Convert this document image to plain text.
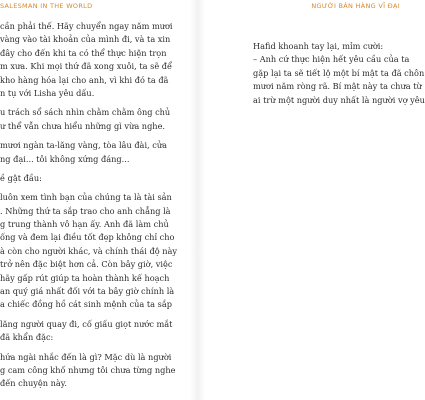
SALESMAN IN THE WORLD
cần phải thế. Hãy chuyển ngay năm mươi
vàng vào tài khoản của mình đi, và ta xin
đây cho đến khi ta có thể thực hiện trọn
m xưa. Khi mọi thứ đã xong xuôi, ta sẽ để
kho hàng hóa lại cho anh, vì khi đó ta đã
n tụ với Lisha yêu dấu.
u trách sổ sách nhìn chằm chằm ông chủ
ư thể vẫn chưa hiểu những gì vừa nghe.
mươi ngàn ta-lăng vàng, tòa lâu đài, cửa
ng đại... tôi không xứng đáng...
ề gật đầu:
luôn xem tình bạn của chúng ta là tài sản
. Những thứ ta sắp trao cho anh chẳng là
g trung thành vô hạn ấy. Anh đã làm chủ
ống và đem lại điều tốt đẹp không chỉ cho
à còn cho người khác, và chính thái độ này
trở nên đặc biệt hơn cả. Còn bây giờ, việc
hãy gấp rút giúp ta hoàn thành kế hoạch
an quý giá nhất đối với ta bây giờ chính là
a chiếc đồng hồ cát sinh mệnh của ta sắp
lăng người quay đi, cố giấu giọt nước mắt
đã khẩn đặc:
hứa ngài nhắc đến là gì? Mặc dù là người
g cam công khố nhưng tôi chưa từng nghe
đến chuyện này.
NGƯỜI BÁN HÀNG VĨ ĐẠI
Hafid khoanh tay lại, mỉm cười:
– Anh cứ thực hiện hết yêu cầu của ta
gặp lại ta sẽ tiết lộ một bí mật ta đã chôn
mươi năm ròng rã. Bí mật này ta chưa từ
ai trừ một người duy nhất là người vợ yêu
